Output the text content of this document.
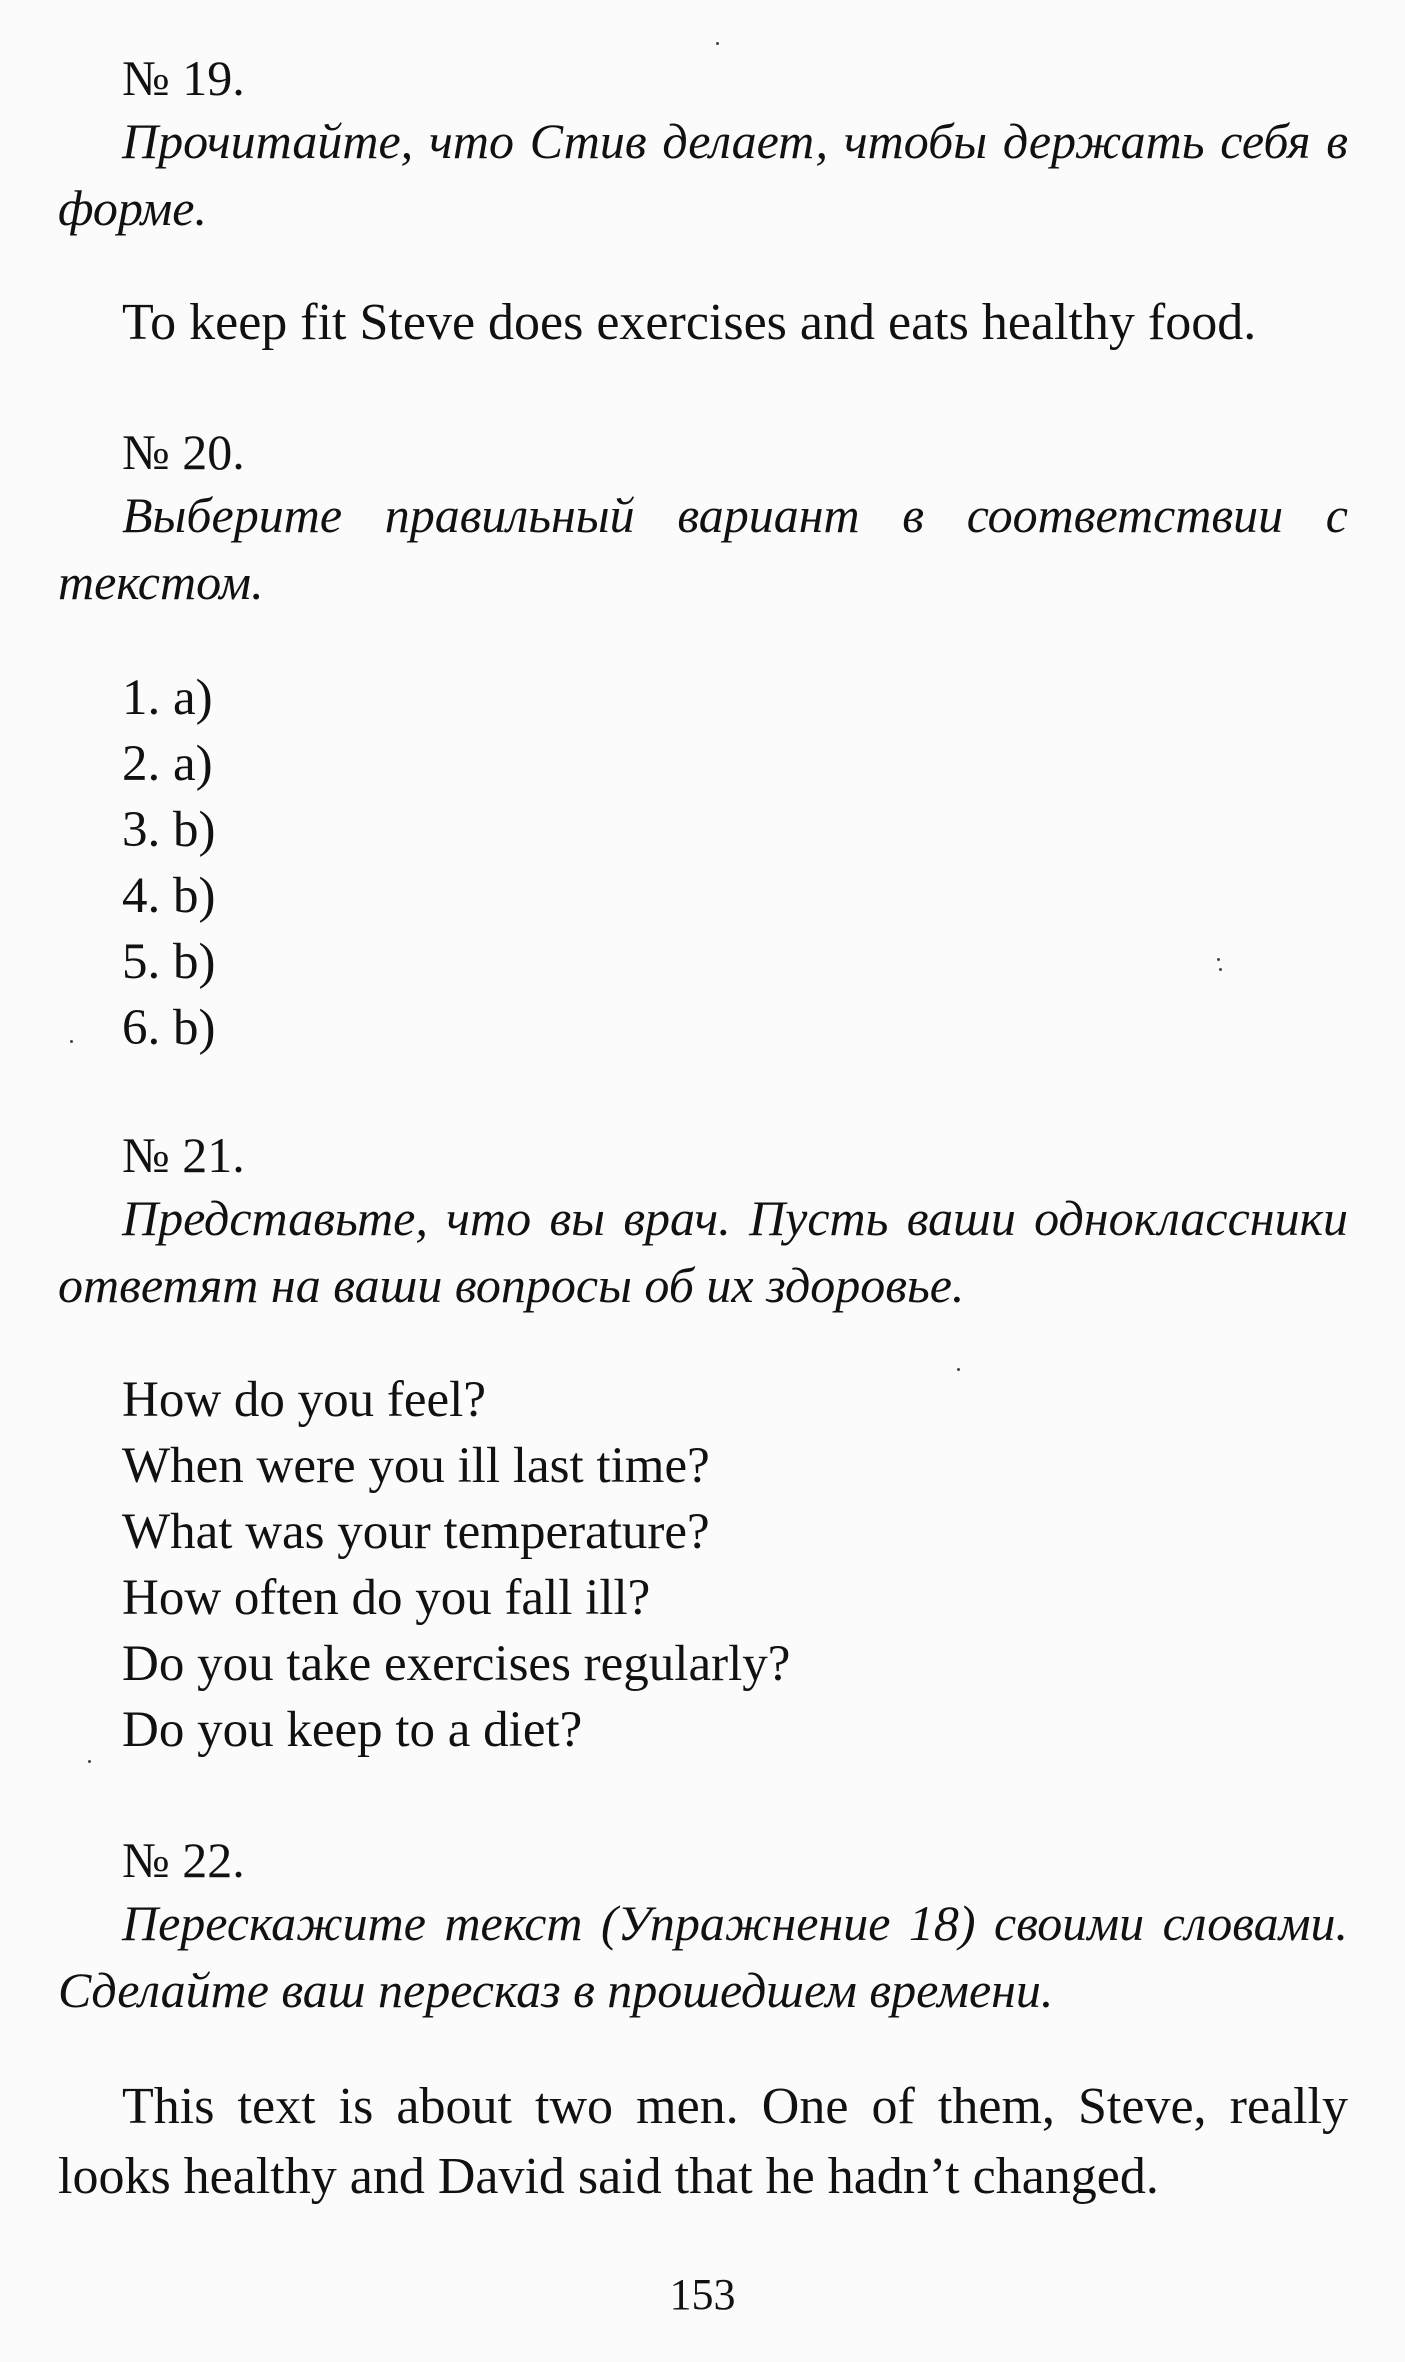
№ 19.

Прочитайте, что Стив делает, чтобы держать себя в форме.

To keep fit Steve does exercises and eats healthy food.

№ 20.

Выберите правильный вариант в соответствии с текстом.

1. a)
2. a)
3. b)
4. b)
5. b)
6. b)

№ 21.

Представьте, что вы врач. Пусть ваши одноклассники ответят на ваши вопросы об их здоровье.

How do you feel?
When were you ill last time?
What was your temperature?
How often do you fall ill?
Do you take exercises regularly?
Do you keep to a diet?

№ 22.

Перескажите текст (Упражнение 18) своими словами. Сделайте ваш пересказ в прошедшем времени.

This text is about two men. One of them, Steve, really looks healthy and David said that he hadn’t changed.

153
